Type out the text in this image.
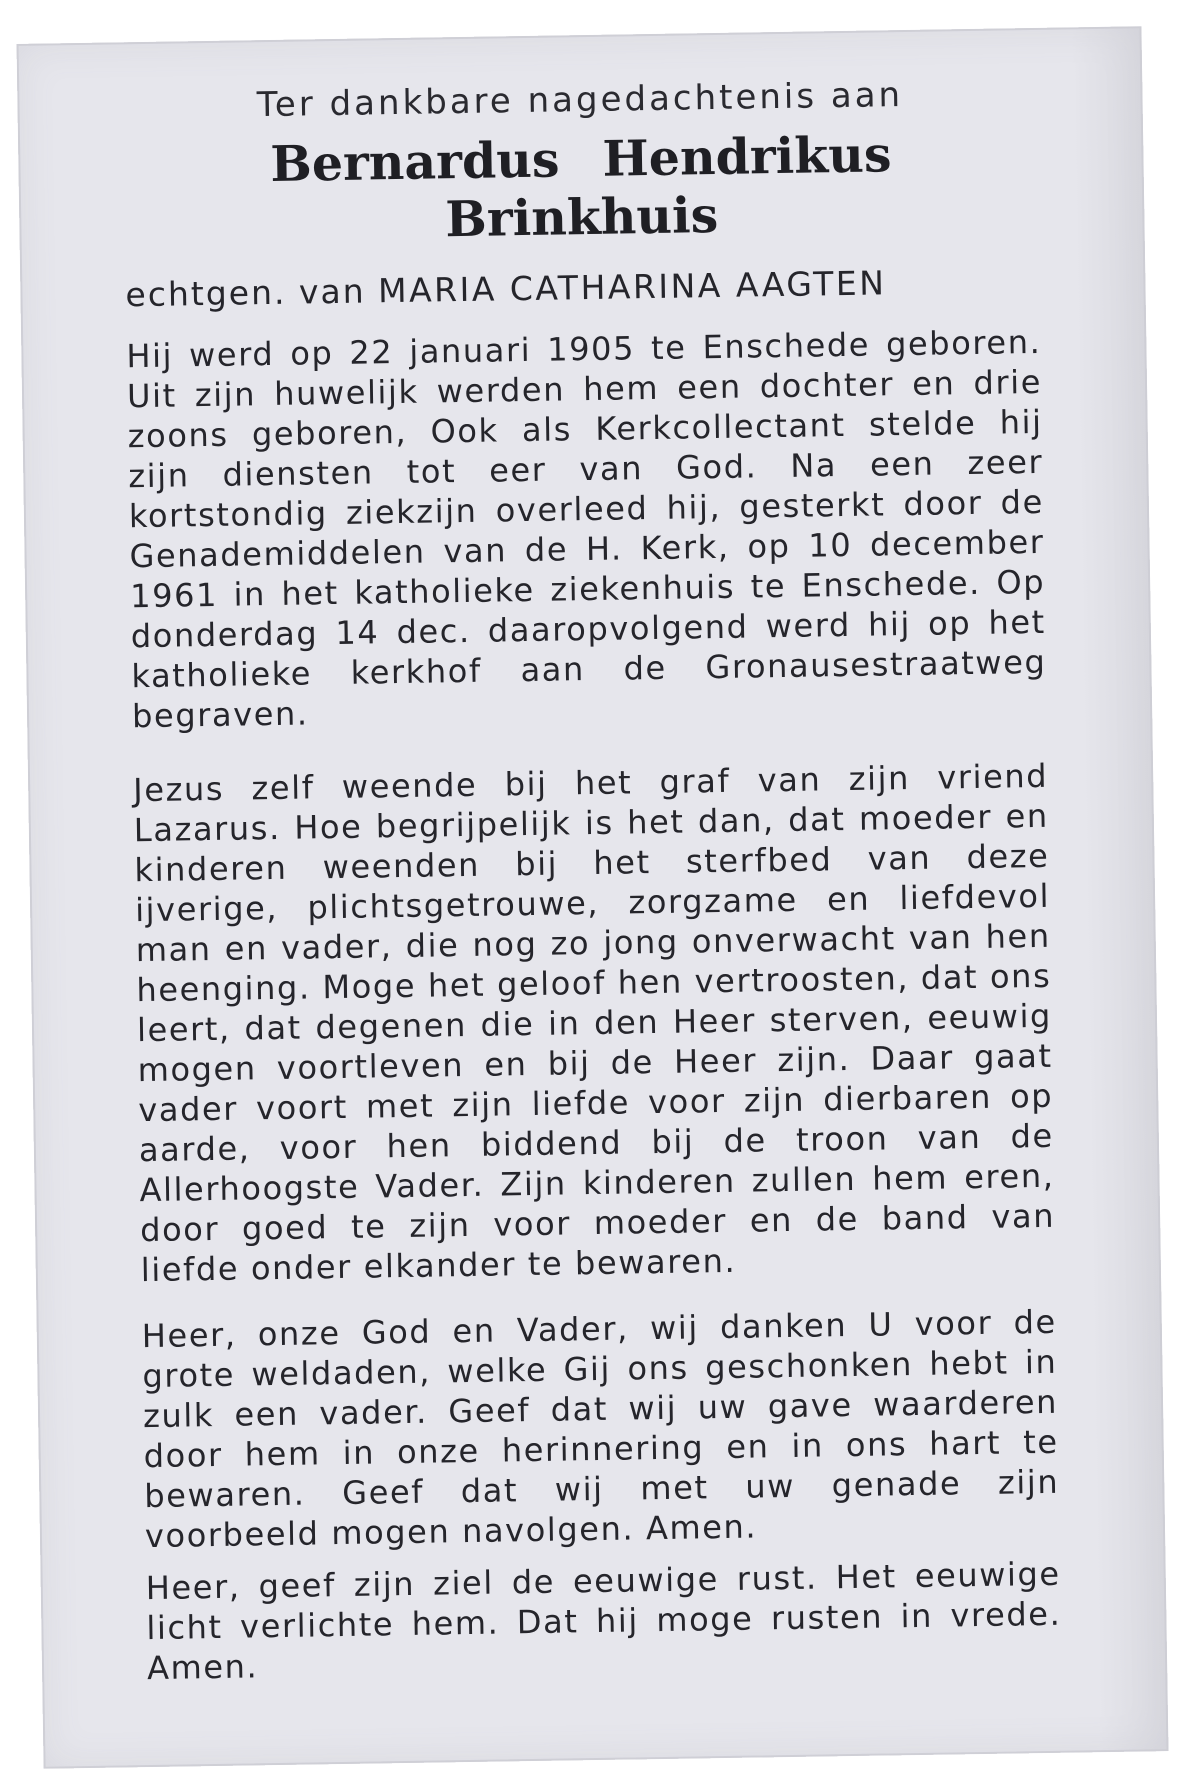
Ter dankbare nagedachtenis aan

Bernardus Hendrikus Brinkhuis

echtgen. van MARIA CATHARINA AAGTEN

Hij werd op 22 januari 1905 te Enschede geboren. Uit zijn huwelijk werden hem een dochter en drie zoons geboren, Ook als Kerkcollectant stelde hij zijn diensten tot eer van God. Na een zeer kortstondig ziekzijn overleed hij, gesterkt door de Genademiddelen van de H. Kerk, op 10 december 1961 in het katholieke ziekenhuis te Enschede. Op donderdag 14 dec. daaropvolgend werd hij op het katholieke kerkhof aan de Gronausestraatweg begraven.

Jezus zelf weende bij het graf van zijn vriend Lazarus. Hoe begrijpelijk is het dan, dat moeder en kinderen weenden bij het sterfbed van deze ijverige, plichtsgetrouwe, zorgzame en liefdevol man en vader, die nog zo jong onverwacht van hen heenging. Moge het geloof hen vertroosten, dat ons leert, dat degenen die in den Heer sterven, eeuwig mogen voortleven en bij de Heer zijn. Daar gaat vader voort met zijn liefde voor zijn dierbaren op aarde, voor hen biddend bij de troon van de Allerhoogste Vader. Zijn kinderen zullen hem eren, door goed te zijn voor moeder en de band van liefde onder elkander te bewaren.

Heer, onze God en Vader, wij danken U voor de grote weldaden, welke Gij ons geschonken hebt in zulk een vader. Geef dat wij uw gave waarderen door hem in onze herinnering en in ons hart te bewaren. Geef dat wij met uw genade zijn voorbeeld mogen navolgen. Amen.

Heer, geef zijn ziel de eeuwige rust. Het eeuwige licht verlichte hem. Dat hij moge rusten in vrede. Amen.
